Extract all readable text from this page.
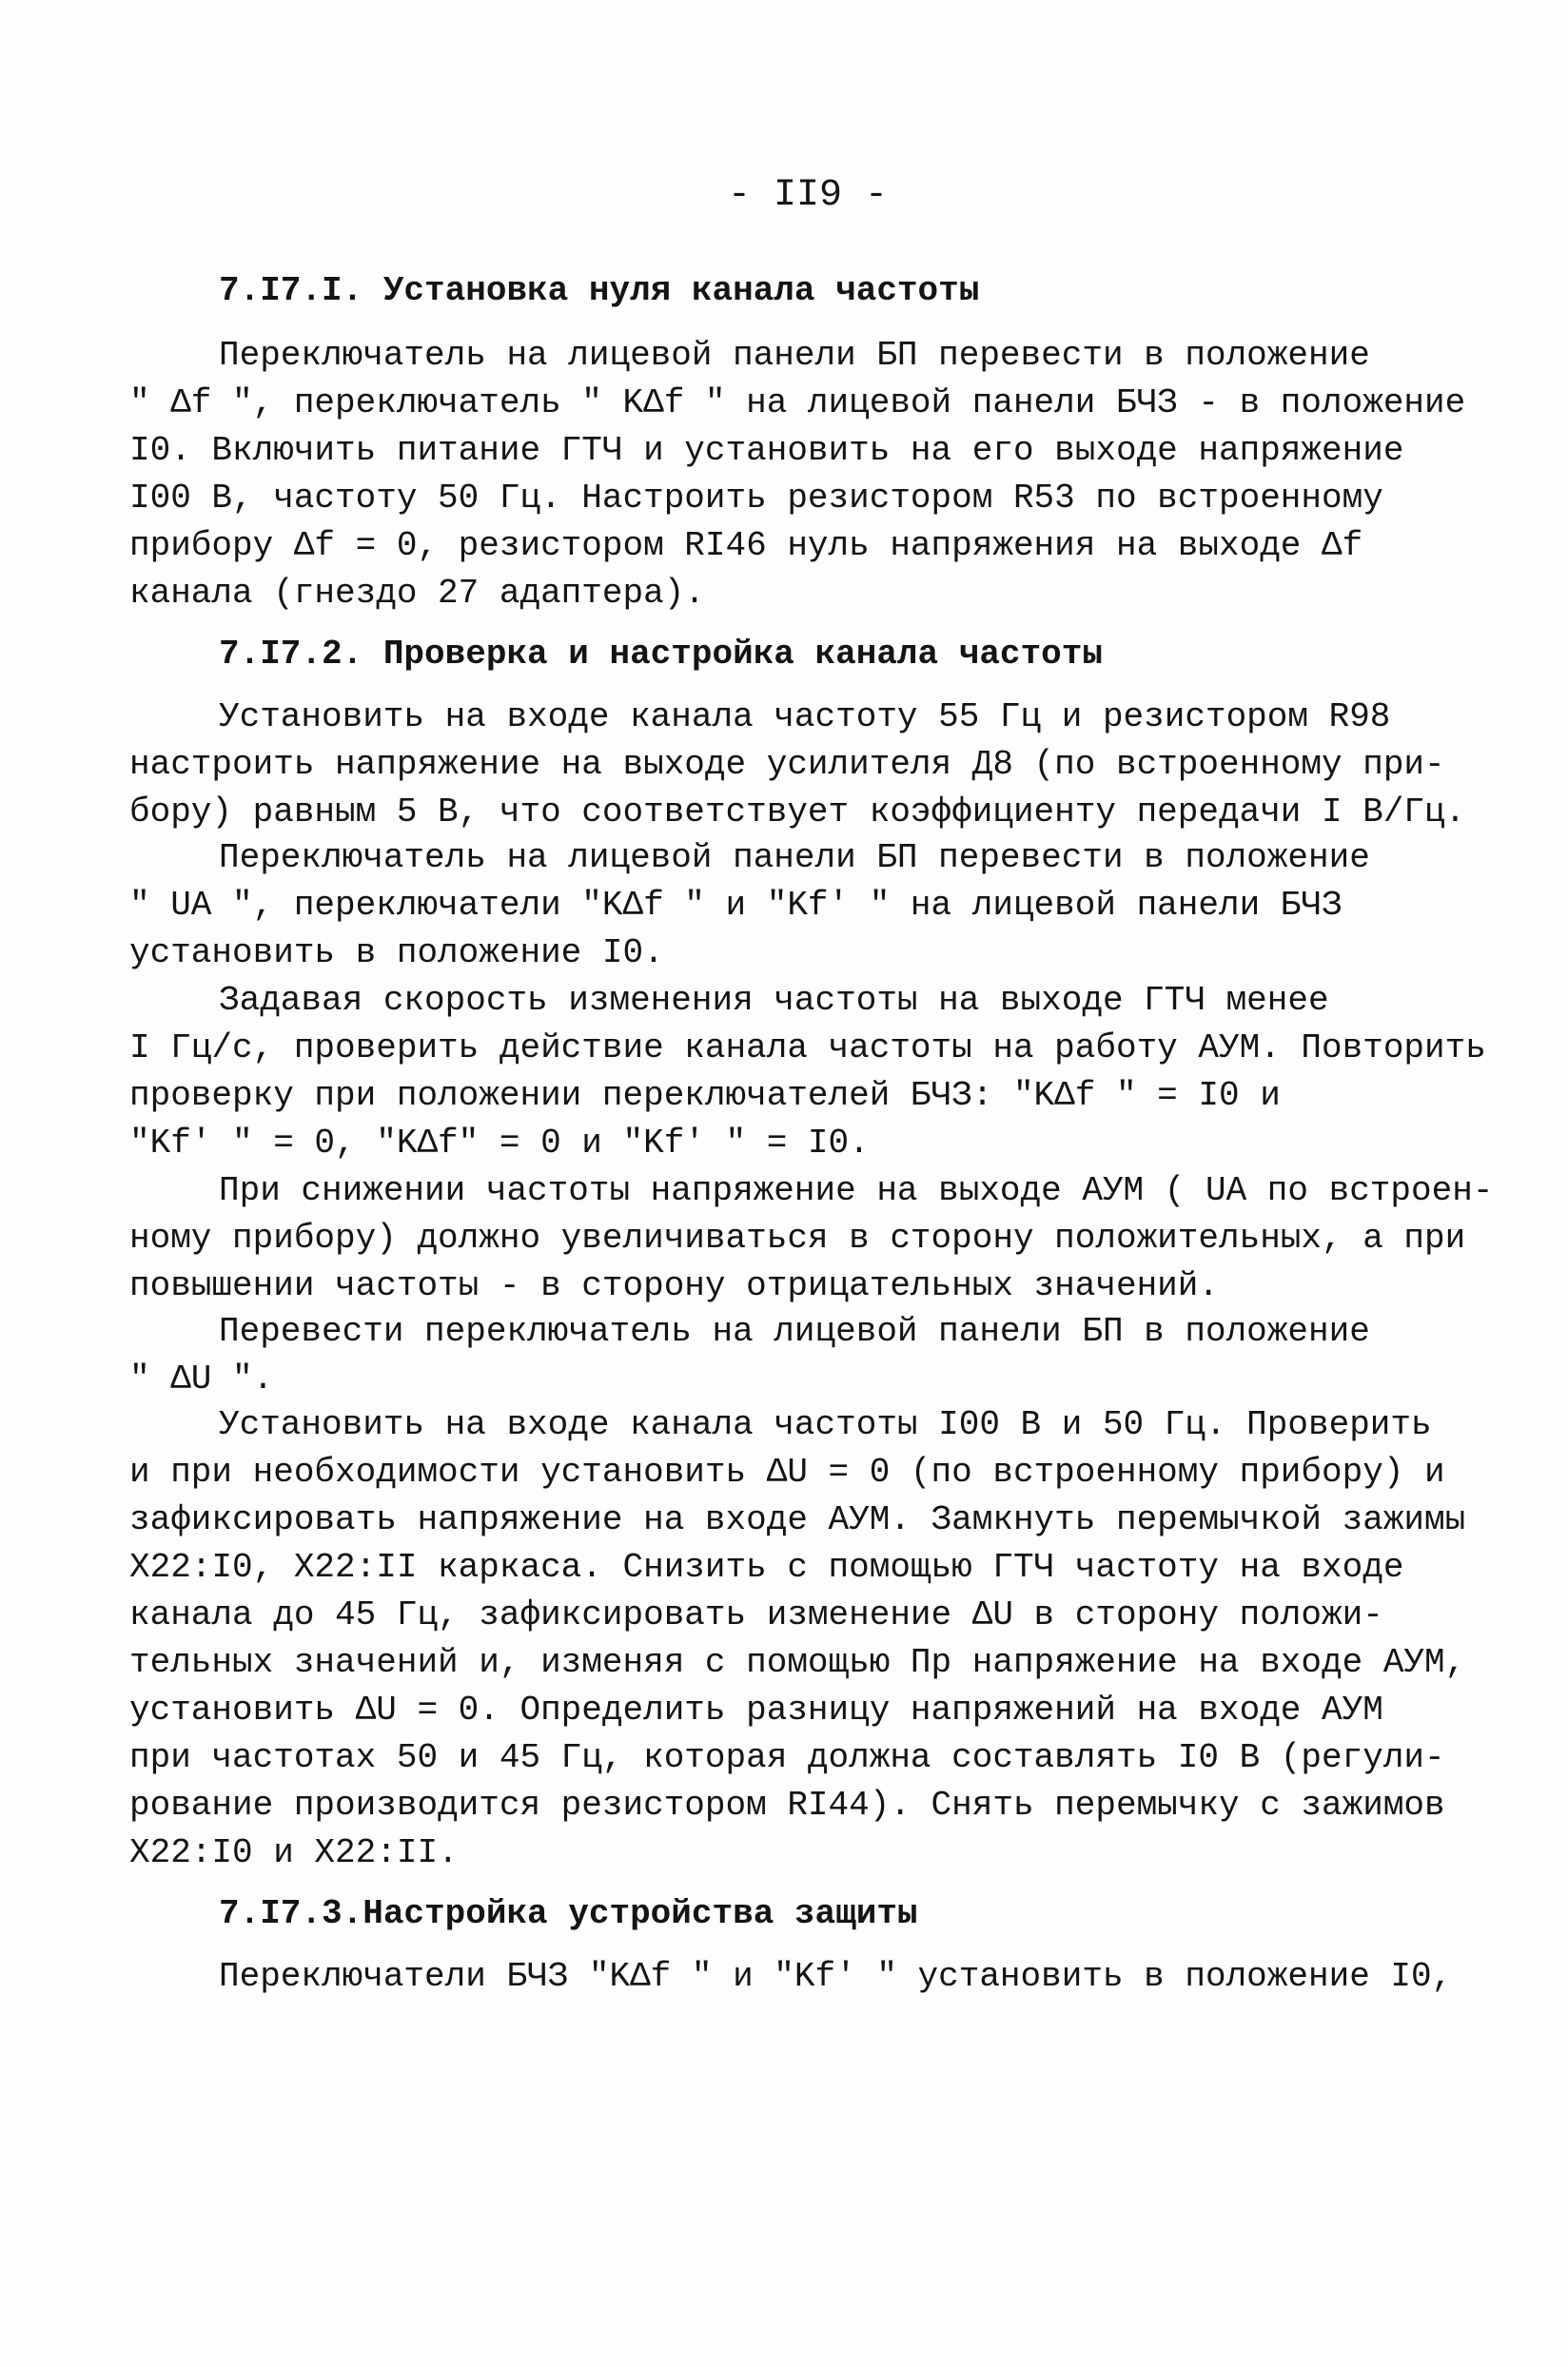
- II9 -
7.I7.I. Установка нуля канала частоты
Переключатель на лицевой панели БП перевести в положение
" Δf ", переключатель " KΔf " на лицевой панели БЧЗ - в положение
I0. Включить питание ГТЧ и установить на его выходе напряжение
I00 В, частоту 50 Гц. Настроить резистором R53 по встроенному
прибору Δf = 0, резистором RI46 нуль напряжения на выходе Δf
канала (гнездо 27 адаптера).
7.I7.2. Проверка и настройка канала частоты
Установить на входе канала частоту 55 Гц и резистором R98
настроить напряжение на выходе усилителя Д8 (по встроенному при-
бору) равным 5 В, что соответствует коэффициенту передачи I В/Гц.
Переключатель на лицевой панели БП перевести в положение
" UA ", переключатели "KΔf " и "Kf' " на лицевой панели БЧЗ
установить в положение I0.
Задавая скорость изменения частоты на выходе ГТЧ менее
I Гц/с, проверить действие канала частоты на работу АУМ. Повторить
проверку при положении переключателей БЧЗ: "KΔf " = I0 и
"Kf' " = 0, "KΔf" = 0 и "Kf' " = I0.
При снижении частоты напряжение на выходе АУМ ( UA по встроен-
ному прибору) должно увеличиваться в сторону положительных, а при
повышении частоты - в сторону отрицательных значений.
Перевести переключатель на лицевой панели БП в положение
" ΔU ".
Установить на входе канала частоты I00 В и 50 Гц. Проверить
и при необходимости установить ΔU = 0 (по встроенному прибору) и
зафиксировать напряжение на входе АУМ. Замкнуть перемычкой зажимы
Х22:I0, Х22:II каркаса. Снизить с помощью ГТЧ частоту на входе
канала до 45 Гц, зафиксировать изменение ΔU в сторону положи-
тельных значений и, изменяя с помощью Пр напряжение на входе АУМ,
установить ΔU = 0. Определить разницу напряжений на входе АУМ
при частотах 50 и 45 Гц, которая должна составлять I0 В (регули-
рование производится резистором RI44). Снять перемычку с зажимов
Х22:I0 и Х22:II.
7.I7.3.Настройка устройства защиты
Переключатели БЧЗ "KΔf " и "Kf' " установить в положение I0,
